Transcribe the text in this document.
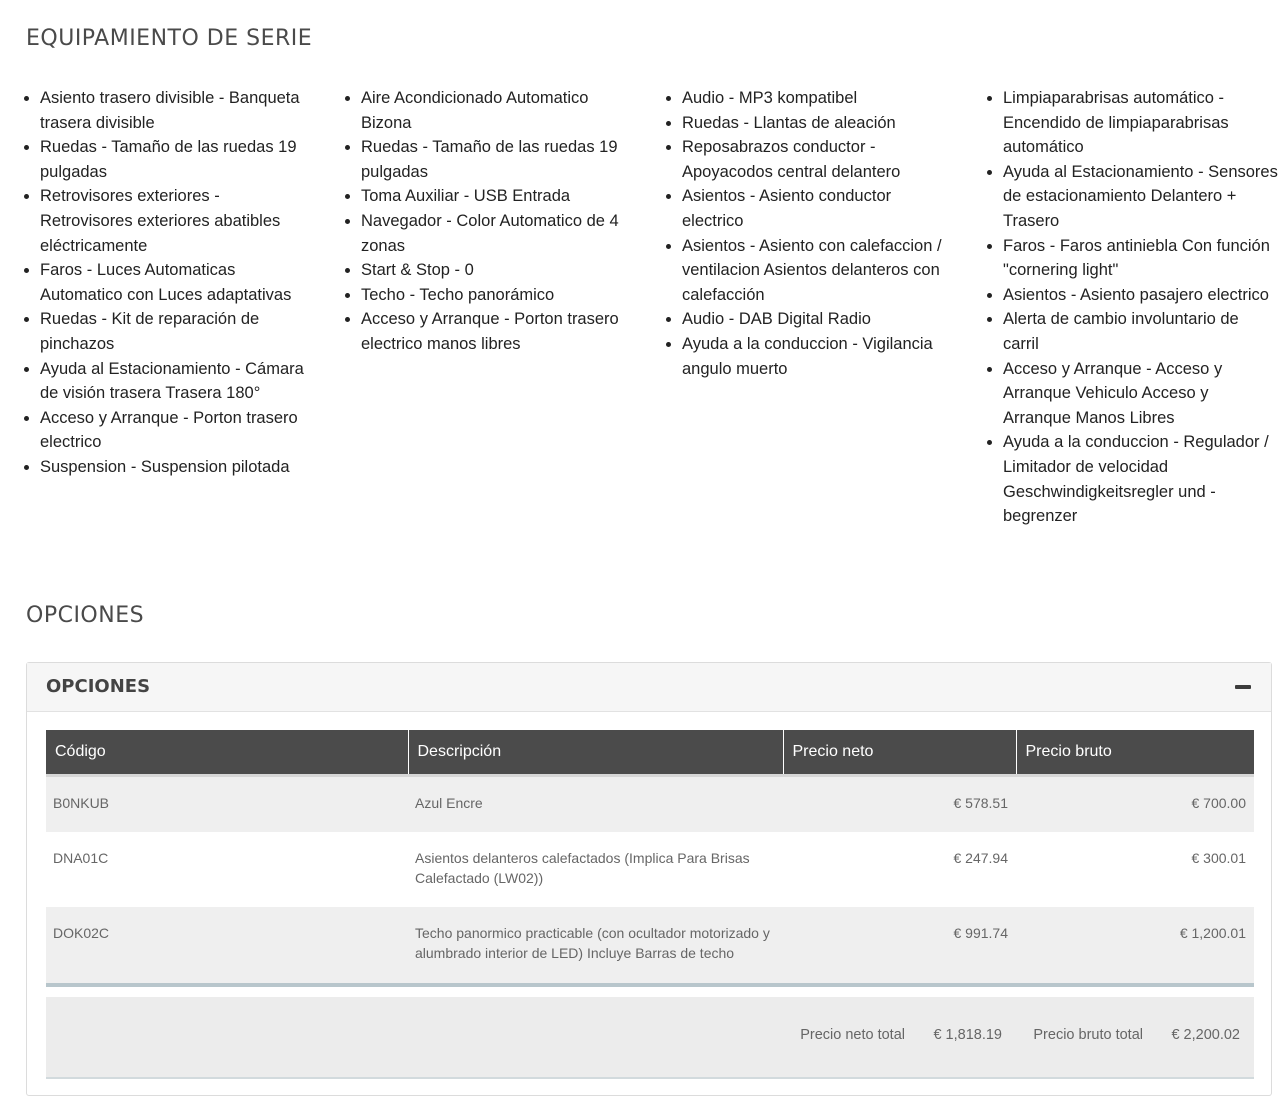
EQUIPAMIENTO DE SERIE
Asiento trasero divisible - Banqueta trasera divisible
Ruedas - Tamaño de las ruedas 19 pulgadas
Retrovisores exteriores - Retrovisores exteriores abatibles eléctricamente
Faros - Luces Automaticas Automatico con Luces adaptativas
Ruedas - Kit de reparación de pinchazos
Ayuda al Estacionamiento - Cámara de visión trasera Trasera 180°
Acceso y Arranque - Porton trasero electrico
Suspension - Suspension pilotada
Aire Acondicionado Automatico Bizona
Ruedas - Tamaño de las ruedas 19 pulgadas
Toma Auxiliar - USB Entrada
Navegador - Color Automatico de 4 zonas
Start & Stop - 0
Techo - Techo panorámico
Acceso y Arranque - Porton trasero electrico manos libres
Audio - MP3 kompatibel
Ruedas - Llantas de aleación
Reposabrazos conductor - Apoyacodos central delantero
Asientos - Asiento conductor electrico
Asientos - Asiento con calefaccion / ventilacion Asientos delanteros con calefacción
Audio - DAB Digital Radio
Ayuda a la conduccion - Vigilancia angulo muerto
Limpiaparabrisas automático - Encendido de limpiaparabrisas automático
Ayuda al Estacionamiento - Sensores de estacionamiento Delantero + Trasero
Faros - Faros antiniebla Con función "cornering light"
Asientos - Asiento pasajero electrico
Alerta de cambio involuntario de carril
Acceso y Arranque - Acceso y Arranque Vehiculo Acceso y Arranque Manos Libres
Ayuda a la conduccion - Regulador / Limitador de velocidad Geschwindigkeitsregler und -begrenzer
OPCIONES
OPCIONES
Código	Descripción	Precio neto	Precio bruto
B0NKUB	Azul Encre	€ 578.51	€ 700.00
DNA01C	Asientos delanteros calefactados (Implica Para Brisas Calefactado (LW02))	€ 247.94	€ 300.01
DOK02C	Techo panormico practicable (con ocultador motorizado y alumbrado interior de LED) Incluye Barras de techo	€ 991.74	€ 1,200.01
Precio neto total € 1,818.19 Precio bruto total € 2,200.02
